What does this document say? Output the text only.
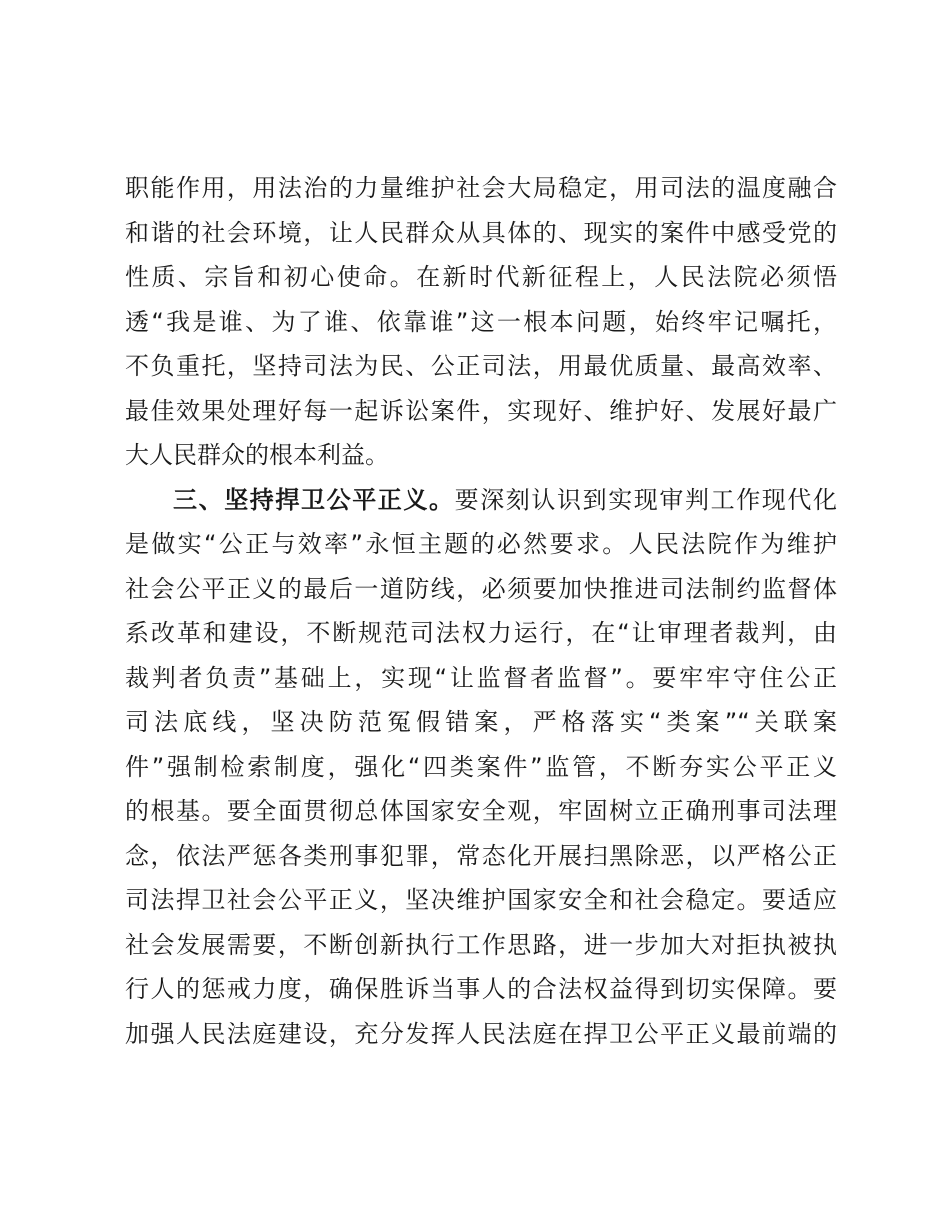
职能作用，用法治的力量维护社会大局稳定，用司法的温度融合
和谐的社会环境，让人民群众从具体的、现实的案件中感受党的
性质、宗旨和初心使命。在新时代新征程上，人民法院必须悟
透“我是谁、为了谁、依靠谁”这一根本问题，始终牢记嘱托，
不负重托，坚持司法为民、公正司法，用最优质量、最高效率、
最佳效果处理好每一起诉讼案件，实现好、维护好、发展好最广
大人民群众的根本利益。
三、坚持捍卫公平正义。要深刻认识到实现审判工作现代化
是做实“公正与效率”永恒主题的必然要求。人民法院作为维护
社会公平正义的最后一道防线，必须要加快推进司法制约监督体
系改革和建设，不断规范司法权力运行，在“让审理者裁判，由
裁判者负责”基础上，实现“让监督者监督”。要牢牢守住公正
司法底线，坚决防范冤假错案，严格落实“类案”“关联案
件”强制检索制度，强化“四类案件”监管，不断夯实公平正义
的根基。要全面贯彻总体国家安全观，牢固树立正确刑事司法理
念，依法严惩各类刑事犯罪，常态化开展扫黑除恶，以严格公正
司法捍卫社会公平正义，坚决维护国家安全和社会稳定。要适应
社会发展需要，不断创新执行工作思路，进一步加大对拒执被执
行人的惩戒力度，确保胜诉当事人的合法权益得到切实保障。要
加强人民法庭建设，充分发挥人民法庭在捍卫公平正义最前端的
